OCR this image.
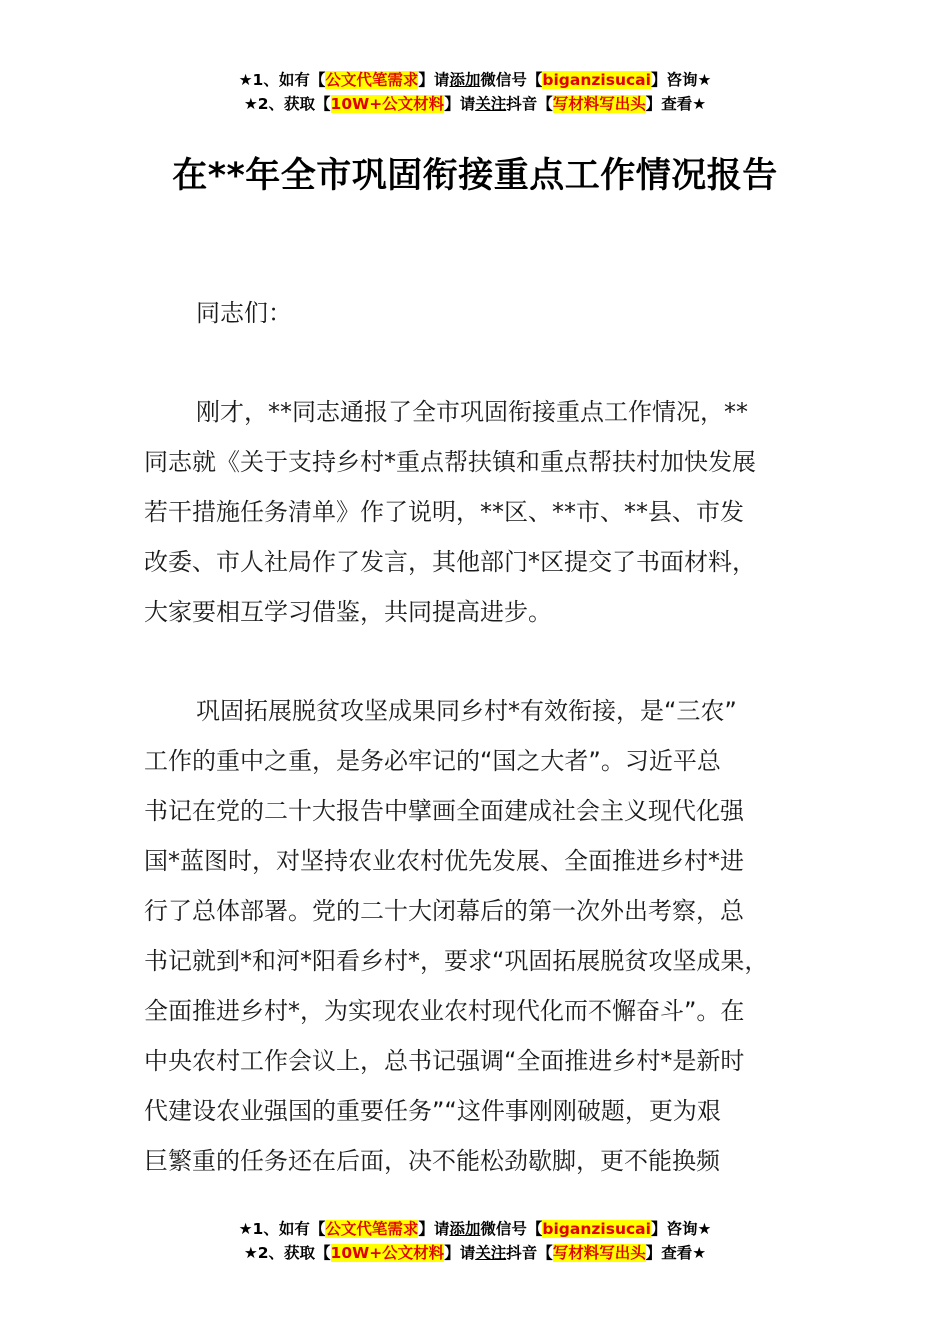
★1、如有【公文代笔需求】请添加微信号【biganzisucai】咨询★
★2、获取【10W+公文材料】请关注抖音【写材料写出头】查看★
在**年全市巩固衔接重点工作情况报告
同志们：
刚才，**同志通报了全市巩固衔接重点工作情况，**
同志就《关于支持乡村*重点帮扶镇和重点帮扶村加快发展
若干措施任务清单》作了说明，**区、**市、**县、市发
改委、市人社局作了发言，其他部门*区提交了书面材料，
大家要相互学习借鉴，共同提高进步。
巩固拓展脱贫攻坚成果同乡村*有效衔接，是“三农”
工作的重中之重，是务必牢记的“国之大者”。习近平总
书记在党的二十大报告中擘画全面建成社会主义现代化强
国*蓝图时，对坚持农业农村优先发展、全面推进乡村*进
行了总体部署。党的二十大闭幕后的第一次外出考察，总
书记就到*和河*阳看乡村*，要求“巩固拓展脱贫攻坚成果，
全面推进乡村*，为实现农业农村现代化而不懈奋斗”。在
中央农村工作会议上，总书记强调“全面推进乡村*是新时
代建设农业强国的重要任务”“这件事刚刚破题，更为艰
巨繁重的任务还在后面，决不能松劲歇脚，更不能换频
★1、如有【公文代笔需求】请添加微信号【biganzisucai】咨询★
★2、获取【10W+公文材料】请关注抖音【写材料写出头】查看★
